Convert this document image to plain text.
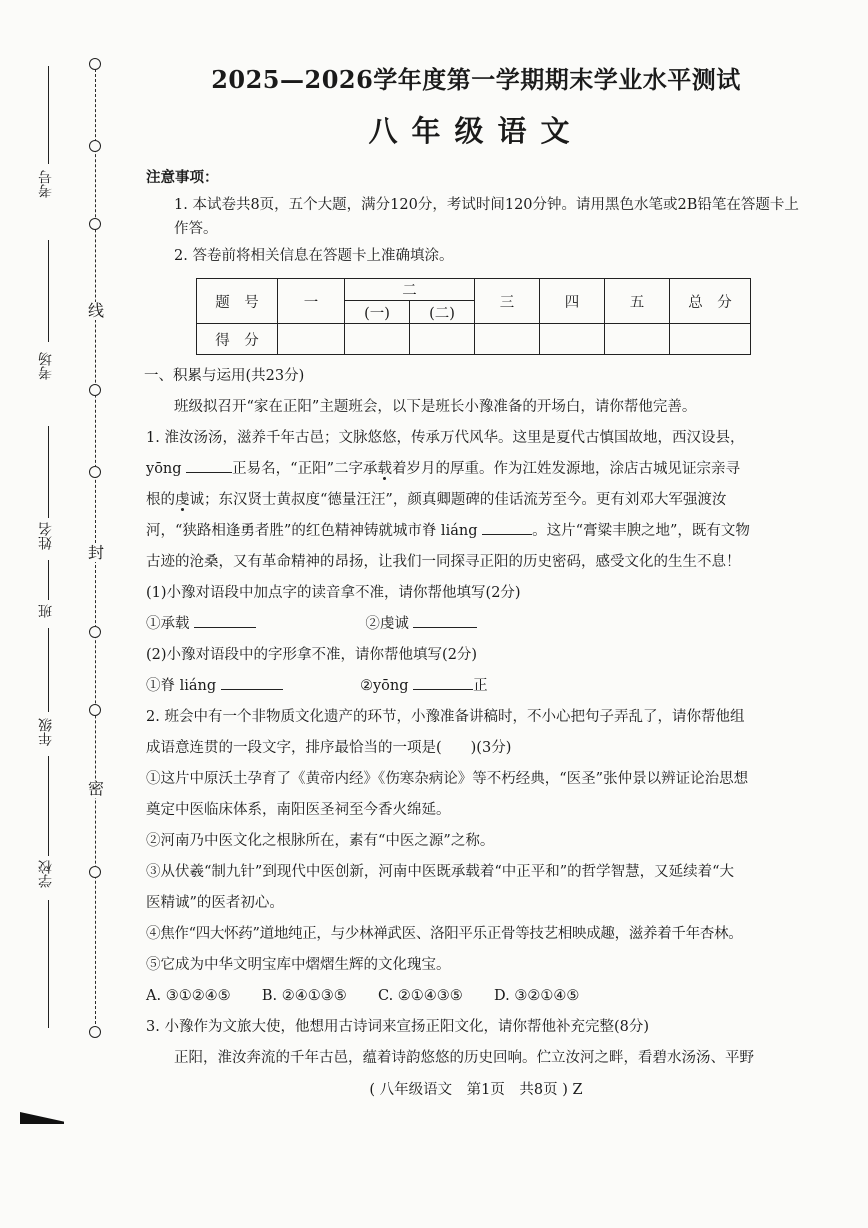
线
封
密
考号
考场
姓名
班
年级
学校
2025—2026学年度第一学期期末学业水平测试
八年级语文

注意事项：

1. 本试卷共8页，五个大题，满分120分，考试时间120分钟。请用黑色水笔或2B铅笔在答题卡上作答。

2. 答卷前将相关信息在答题卡上准确填涂。

题　号	一	二		三	四	五	总　分
		(一)	(二)				
得　分							

一、积累与运用(共23分)

班级拟召开“家在正阳”主题班会，以下是班长小豫准备的开场白，请你帮他完善。

1. 淮汝汤汤，滋养千年古邑；文脉悠悠，传承万代风华。这里是夏代古慎国故地，西汉设县，

yōng	正易名，“正阳”二字承载着岁月的厚重。作为江姓发源地，涂店古城见证宗亲寻

根的虔诚；东汉贤士黄叔度“德量汪汪”，颜真卿题碑的佳话流芳至今。更有刘邓大军强渡汝

河，“狭路相逢勇者胜”的红色精神铸就城市脊 liáng	。这片“膏粱丰腴之地”，既有文物

古迹的沧桑，又有革命精神的昂扬，让我们一同探寻正阳的历史密码，感受文化的生生不息！

(1)小豫对语段中加点字的读音拿不准，请你帮他填写(2分)

①承载	②虔诚

(2)小豫对语段中的字形拿不准，请你帮他填写(2分)

①脊 liáng	②yōng	正

2. 班会中有一个非物质文化遗产的环节，小豫准备讲稿时，不小心把句子弄乱了，请你帮他组

成语意连贯的一段文字，排序最恰当的一项是(　　)(3分)

①这片中原沃土孕育了《黄帝内经》《伤寒杂病论》等不朽经典，“医圣”张仲景以辨证论治思想

奠定中医临床体系，南阳医圣祠至今香火绵延。

②河南乃中医文化之根脉所在，素有“中医之源”之称。

③从伏羲“制九针”到现代中医创新，河南中医既承载着“中正平和”的哲学智慧，又延续着“大

医精诚”的医者初心。

④焦作“四大怀药”道地纯正，与少林禅武医、洛阳平乐正骨等技艺相映成趣，滋养着千年杏林。

⑤它成为中华文明宝库中熠熠生辉的文化瑰宝。

A. ③①②④⑤ B. ②④①③⑤ C. ②①④③⑤ D. ③②①④⑤

3. 小豫作为文旅大使，他想用古诗词来宣扬正阳文化，请你帮他补充完整(8分)

正阳，淮汝奔流的千年古邑，蕴着诗韵悠悠的历史回响。伫立汝河之畔，看碧水汤汤、平野

( 八年级语文　第1页　共8页 ) Z
